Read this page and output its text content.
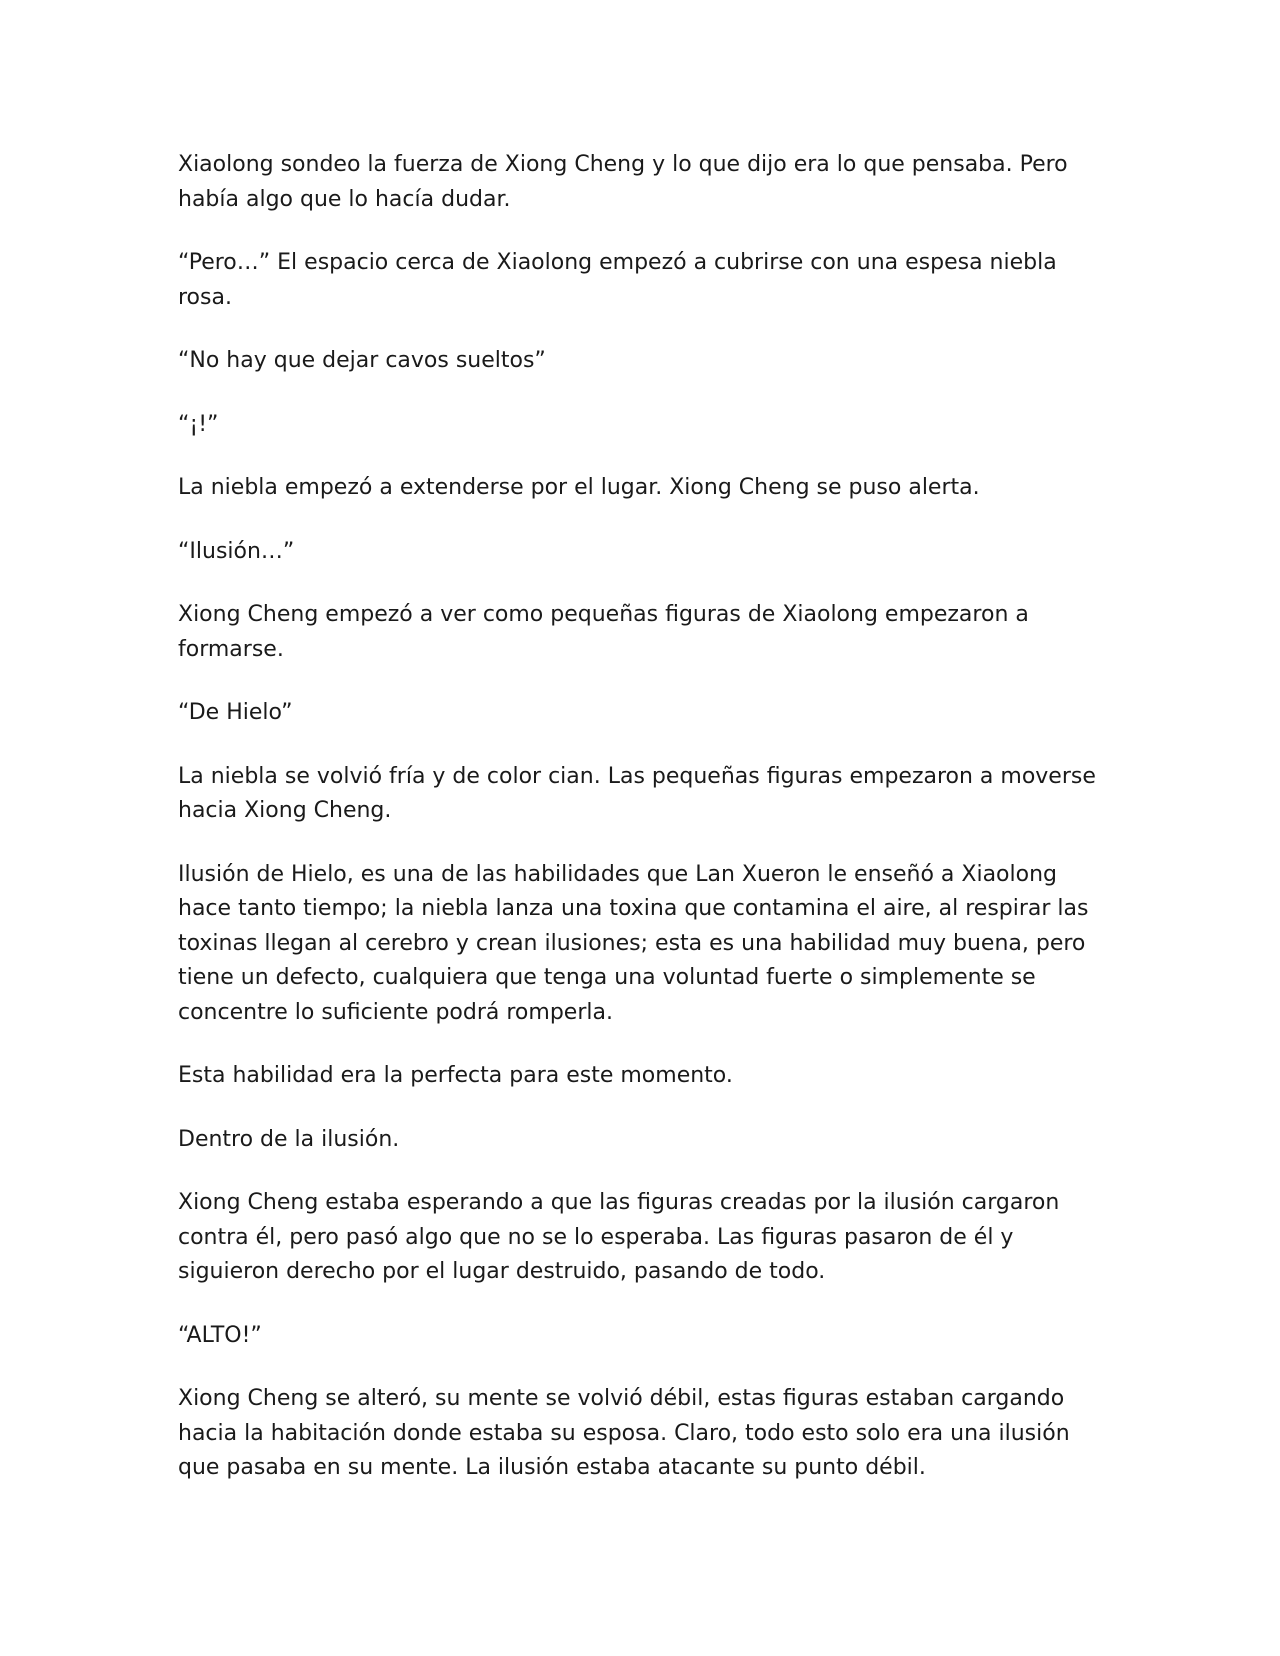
Xiaolong sondeo la fuerza de Xiong Cheng y lo que dijo era lo que pensaba. Pero había algo que lo hacía dudar.

“Pero…” El espacio cerca de Xiaolong empezó a cubrirse con una espesa niebla rosa.

“No hay que dejar cavos sueltos”

“¡!”

La niebla empezó a extenderse por el lugar. Xiong Cheng se puso alerta.

“Ilusión…”

Xiong Cheng empezó a ver como pequeñas figuras de Xiaolong empezaron a formarse.

“De Hielo”

La niebla se volvió fría y de color cian. Las pequeñas figuras empezaron a moverse hacia Xiong Cheng.

Ilusión de Hielo, es una de las habilidades que Lan Xueron le enseñó a Xiaolong hace tanto tiempo; la niebla lanza una toxina que contamina el aire, al respirar las toxinas llegan al cerebro y crean ilusiones; esta es una habilidad muy buena, pero tiene un defecto, cualquiera que tenga una voluntad fuerte o simplemente se concentre lo suficiente podrá romperla.

Esta habilidad era la perfecta para este momento.

Dentro de la ilusión.

Xiong Cheng estaba esperando a que las figuras creadas por la ilusión cargaron contra él, pero pasó algo que no se lo esperaba. Las figuras pasaron de él y siguieron derecho por el lugar destruido, pasando de todo.

“ALTO!”

Xiong Cheng se alteró, su mente se volvió débil, estas figuras estaban cargando hacia la habitación donde estaba su esposa. Claro, todo esto solo era una ilusión que pasaba en su mente. La ilusión estaba atacante su punto débil.
